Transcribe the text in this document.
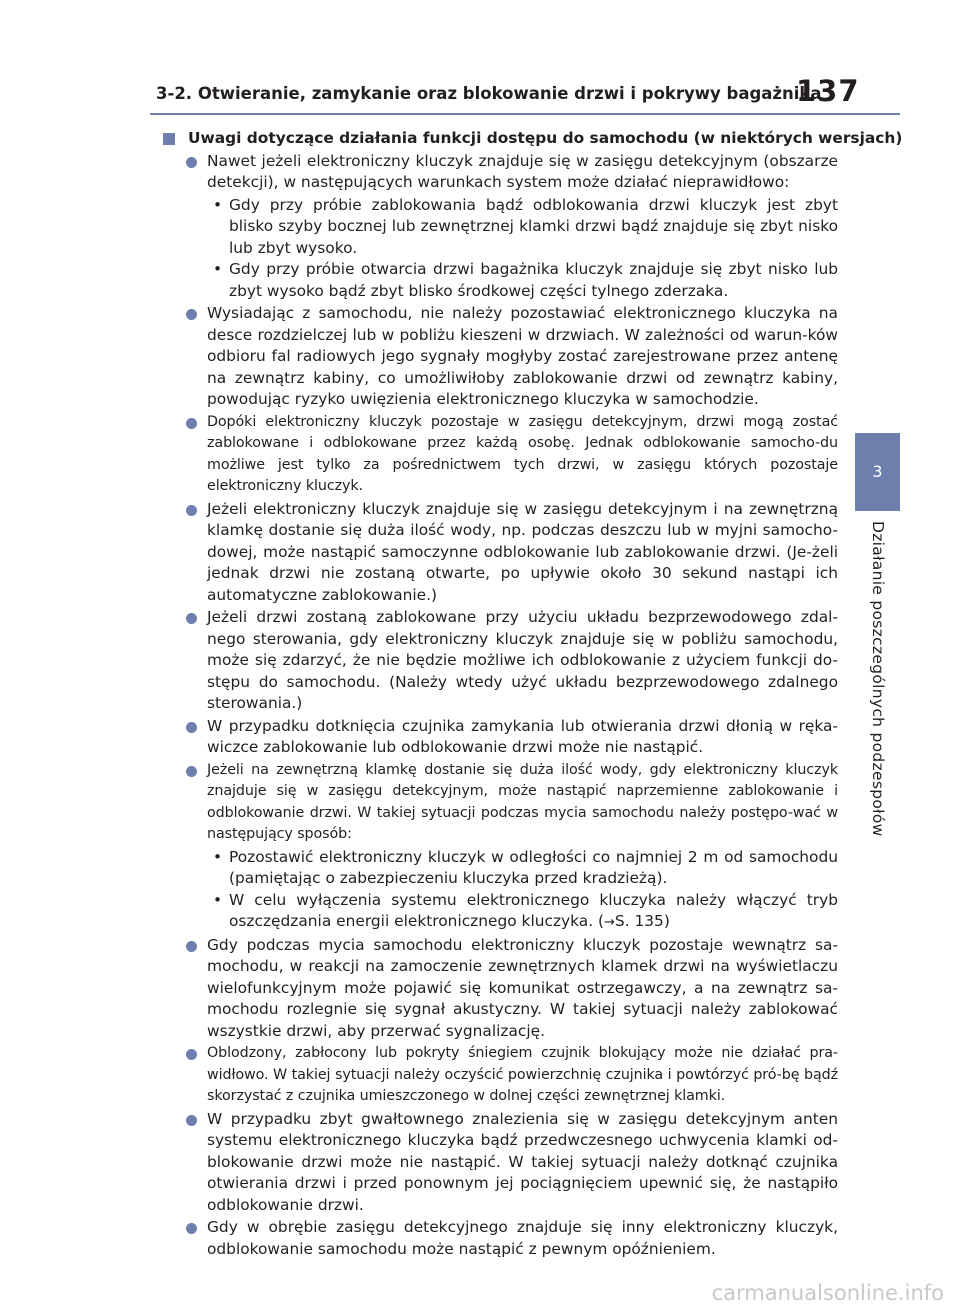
3-2. Otwieranie, zamykanie oraz blokowanie drzwi i pokrywy bagażnika
137
3
Działanie poszczególnych podzespołów
Uwagi dotyczące działania funkcji dostępu do samochodu (w niektórych wersjach)
Nawet jeżeli elektroniczny kluczyk znajduje się w zasięgu detekcyjnym (obszarze detekcji), w następujących warunkach system może działać nieprawidłowo:
• Gdy przy próbie zablokowania bądź odblokowania drzwi kluczyk jest zbyt blisko szyby bocznej lub zewnętrznej klamki drzwi bądź znajduje się zbyt nisko lub zbyt wysoko.
• Gdy przy próbie otwarcia drzwi bagażnika kluczyk znajduje się zbyt nisko lub zbyt wysoko bądź zbyt blisko środkowej części tylnego zderzaka.
Wysiadając z samochodu, nie należy pozostawiać elektronicznego kluczyka na desce rozdzielczej lub w pobliżu kieszeni w drzwiach. W zależności od warun-ków odbioru fal radiowych jego sygnały mogłyby zostać zarejestrowane przez antenę na zewnątrz kabiny, co umożliwiłoby zablokowanie drzwi od zewnątrz kabiny, powodując ryzyko uwięzienia elektronicznego kluczyka w samochodzie.
Dopóki elektroniczny kluczyk pozostaje w zasięgu detekcyjnym, drzwi mogą zostać zablokowane i odblokowane przez każdą osobę. Jednak odblokowanie samocho-du możliwe jest tylko za pośrednictwem tych drzwi, w zasięgu których pozostaje elektroniczny kluczyk.
Jeżeli elektroniczny kluczyk znajduje się w zasięgu detekcyjnym i na zewnętrzną klamkę dostanie się duża ilość wody, np. podczas deszczu lub w myjni samocho-dowej, może nastąpić samoczynne odblokowanie lub zablokowanie drzwi. (Je-żeli jednak drzwi nie zostaną otwarte, po upływie około 30 sekund nastąpi ich automatyczne zablokowanie.)
Jeżeli drzwi zostaną zablokowane przy użyciu układu bezprzewodowego zdal-nego sterowania, gdy elektroniczny kluczyk znajduje się w pobliżu samochodu, może się zdarzyć, że nie będzie możliwe ich odblokowanie z użyciem funkcji do-stępu do samochodu. (Należy wtedy użyć układu bezprzewodowego zdalnego sterowania.)
W przypadku dotknięcia czujnika zamykania lub otwierania drzwi dłonią w ręka-wiczce zablokowanie lub odblokowanie drzwi może nie nastąpić.
Jeżeli na zewnętrzną klamkę dostanie się duża ilość wody, gdy elektroniczny kluczyk znajduje się w zasięgu detekcyjnym, może nastąpić naprzemienne zablokowanie i odblokowanie drzwi. W takiej sytuacji podczas mycia samochodu należy postępo-wać w następujący sposób:
• Pozostawić elektroniczny kluczyk w odległości co najmniej 2 m od samochodu (pamiętając o zabezpieczeniu kluczyka przed kradzieżą).
• W celu wyłączenia systemu elektronicznego kluczyka należy włączyć tryb oszczędzania energii elektronicznego kluczyka. (→S. 135)
Gdy podczas mycia samochodu elektroniczny kluczyk pozostaje wewnątrz sa-mochodu, w reakcji na zamoczenie zewnętrznych klamek drzwi na wyświetlaczu wielofunkcyjnym może pojawić się komunikat ostrzegawczy, a na zewnątrz sa-mochodu rozlegnie się sygnał akustyczny. W takiej sytuacji należy zablokować wszystkie drzwi, aby przerwać sygnalizację.
Oblodzony, zabłocony lub pokryty śniegiem czujnik blokujący może nie działać pra-widłowo. W takiej sytuacji należy oczyścić powierzchnię czujnika i powtórzyć pró-bę bądź skorzystać z czujnika umieszczonego w dolnej części zewnętrznej klamki.
W przypadku zbyt gwałtownego znalezienia się w zasięgu detekcyjnym anten systemu elektronicznego kluczyka bądź przedwczesnego uchwycenia klamki od-blokowanie drzwi może nie nastąpić. W takiej sytuacji należy dotknąć czujnika otwierania drzwi i przed ponownym jej pociągnięciem upewnić się, że nastąpiło odblokowanie drzwi.
Gdy w obrębie zasięgu detekcyjnego znajduje się inny elektroniczny kluczyk, odblokowanie samochodu może nastąpić z pewnym opóźnieniem.
carmanualsonline.info
